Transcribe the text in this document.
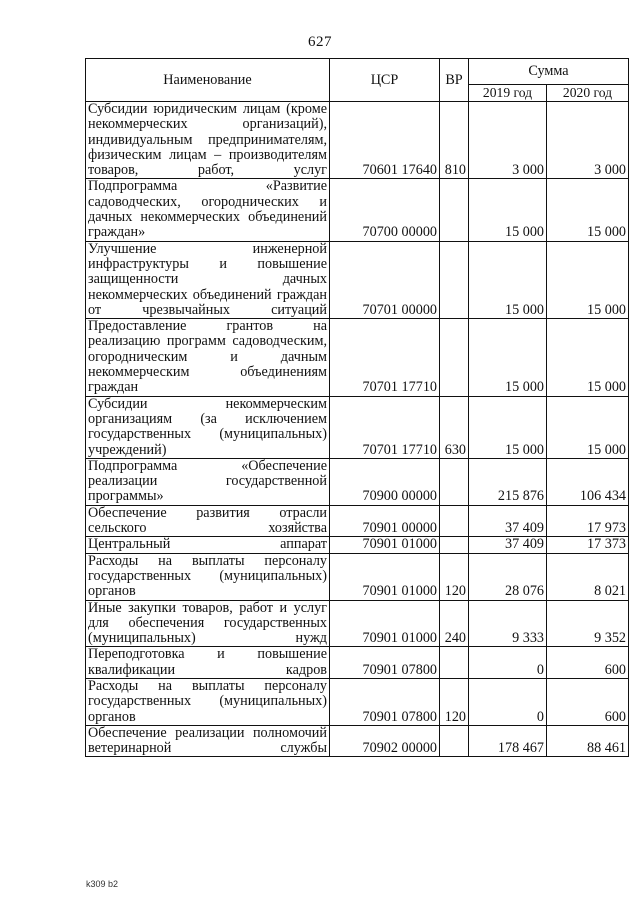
627
Наименование	ЦСР	ВР	Сумма	
			2019 год	2020 год
Субсидии юридическим лицам (кроме некоммерческих организаций), индивидуальным предпринимателям, физическим лицам – производителям товаров, работ, услуг	70601 17640	810	3 000	3 000
Подпрограмма «Развитие садоводческих, огороднических и дачных некоммерческих объединений граждан»	70700 00000		15 000	15 000
Улучшение инженерной инфраструктуры и повышение защищенности дачных некоммерческих объединений граждан от чрезвычайных ситуаций	70701 00000		15 000	15 000
Предоставление грантов на реализацию программ садоводческим, огородническим и дачным некоммерческим объединениям граждан	70701 17710		15 000	15 000
Субсидии некоммерческим организациям (за исключением государственных (муниципальных) учреждений)	70701 17710	630	15 000	15 000
Подпрограмма «Обеспечение реализации государственной программы»	70900 00000		215 876	106 434
Обеспечение развития отрасли сельского хозяйства	70901 00000		37 409	17 973
Центральный аппарат	70901 01000		37 409	17 373
Расходы на выплаты персоналу государственных (муниципальных) органов	70901 01000	120	28 076	8 021
Иные закупки товаров, работ и услуг для обеспечения государственных (муниципальных) нужд	70901 01000	240	9 333	9 352
Переподготовка и повышение квалификации кадров	70901 07800		0	600
Расходы на выплаты персоналу государственных (муниципальных) органов	70901 07800	120	0	600
Обеспечение реализации полномочий ветеринарной службы	70902 00000		178 467	88 461
k309 b2
